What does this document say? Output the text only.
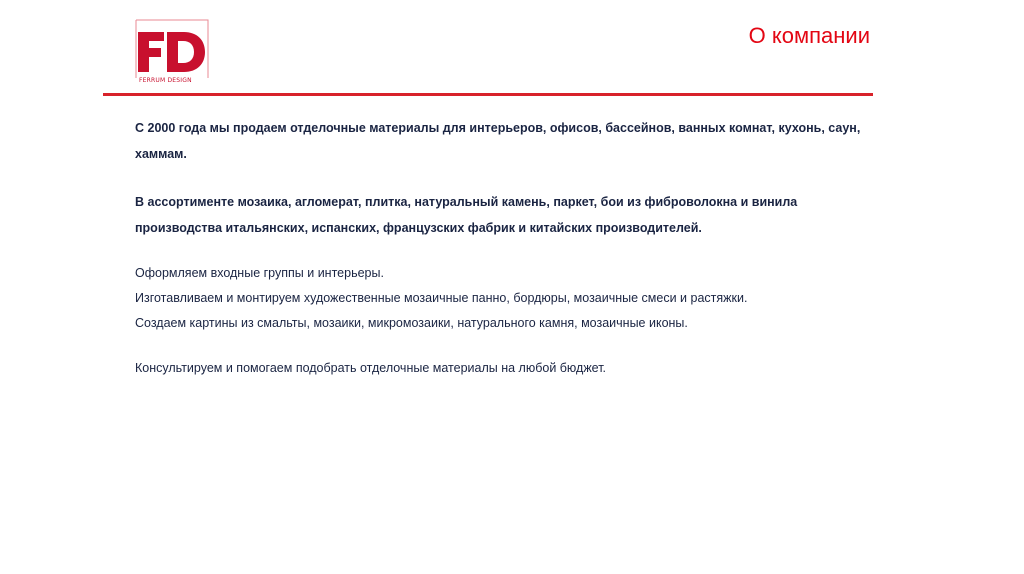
FERRUM DESIGN
О компании

С 2000 года мы продаем отделочные материалы для интерьеров, офисов, бассейнов, ванных комнат, кухонь, саун, хаммам.

В ассортименте мозаика, агломерат, плитка, натуральный камень, паркет, бои из фиброволокна и винила производства итальянских, испанских, французских фабрик и китайских производителей.

Оформляем входные группы и интерьеры.

Изготавливаем и монтируем художественные мозаичные панно, бордюры, мозаичные смеси и растяжки.

Создаем картины из смальты, мозаики, микромозаики, натурального камня, мозаичные иконы.

Консультируем и помогаем подобрать отделочные материалы на любой бюджет.
